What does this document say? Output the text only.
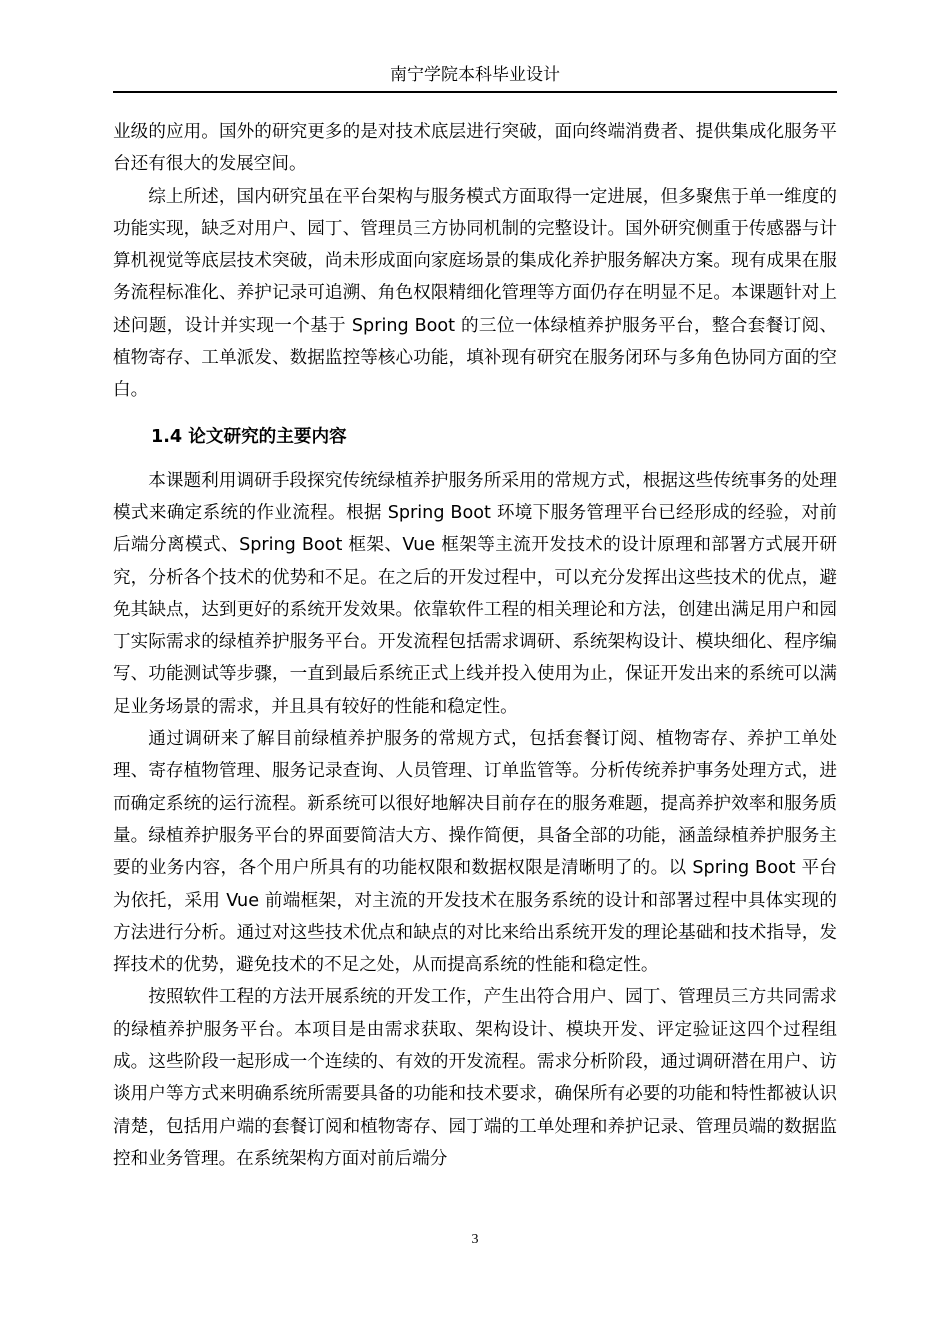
南宁学院本科毕业设计

业级的应用。国外的研究更多的是对技术底层进行突破，面向终端消费者、提供集成化服务平台还有很大的发展空间。

综上所述，国内研究虽在平台架构与服务模式方面取得一定进展，但多聚焦于单一维度的功能实现，缺乏对用户、园丁、管理员三方协同机制的完整设计。国外研究侧重于传感器与计算机视觉等底层技术突破，尚未形成面向家庭场景的集成化养护服务解决方案。现有成果在服务流程标准化、养护记录可追溯、角色权限精细化管理等方面仍存在明显不足。本课题针对上述问题，设计并实现一个基于 Spring Boot 的三位一体绿植养护服务平台，整合套餐订阅、植物寄存、工单派发、数据监控等核心功能，填补现有研究在服务闭环与多角色协同方面的空白。

1.4 论文研究的主要内容

本课题利用调研手段探究传统绿植养护服务所采用的常规方式，根据这些传统事务的处理模式来确定系统的作业流程。根据 Spring Boot 环境下服务管理平台已经形成的经验，对前后端分离模式、Spring Boot 框架、Vue 框架等主流开发技术的设计原理和部署方式展开研究，分析各个技术的优势和不足。在之后的开发过程中，可以充分发挥出这些技术的优点，避免其缺点，达到更好的系统开发效果。依靠软件工程的相关理论和方法，创建出满足用户和园丁实际需求的绿植养护服务平台。开发流程包括需求调研、系统架构设计、模块细化、程序编写、功能测试等步骤，一直到最后系统正式上线并投入使用为止，保证开发出来的系统可以满足业务场景的需求，并且具有较好的性能和稳定性。

通过调研来了解目前绿植养护服务的常规方式，包括套餐订阅、植物寄存、养护工单处理、寄存植物管理、服务记录查询、人员管理、订单监管等。分析传统养护事务处理方式，进而确定系统的运行流程。新系统可以很好地解决目前存在的服务难题，提高养护效率和服务质量。绿植养护服务平台的界面要简洁大方、操作简便，具备全部的功能，涵盖绿植养护服务主要的业务内容，各个用户所具有的功能权限和数据权限是清晰明了的。以 Spring Boot 平台为依托，采用 Vue 前端框架，对主流的开发技术在服务系统的设计和部署过程中具体实现的方法进行分析。通过对这些技术优点和缺点的对比来给出系统开发的理论基础和技术指导，发挥技术的优势，避免技术的不足之处，从而提高系统的性能和稳定性。

按照软件工程的方法开展系统的开发工作，产生出符合用户、园丁、管理员三方共同需求的绿植养护服务平台。本项目是由需求获取、架构设计、模块开发、评定验证这四个过程组成。这些阶段一起形成一个连续的、有效的开发流程。需求分析阶段，通过调研潜在用户、访谈用户等方式来明确系统所需要具备的功能和技术要求，确保所有必要的功能和特性都被认识清楚，包括用户端的套餐订阅和植物寄存、园丁端的工单处理和养护记录、管理员端的数据监控和业务管理。在系统架构方面对前后端分

3
